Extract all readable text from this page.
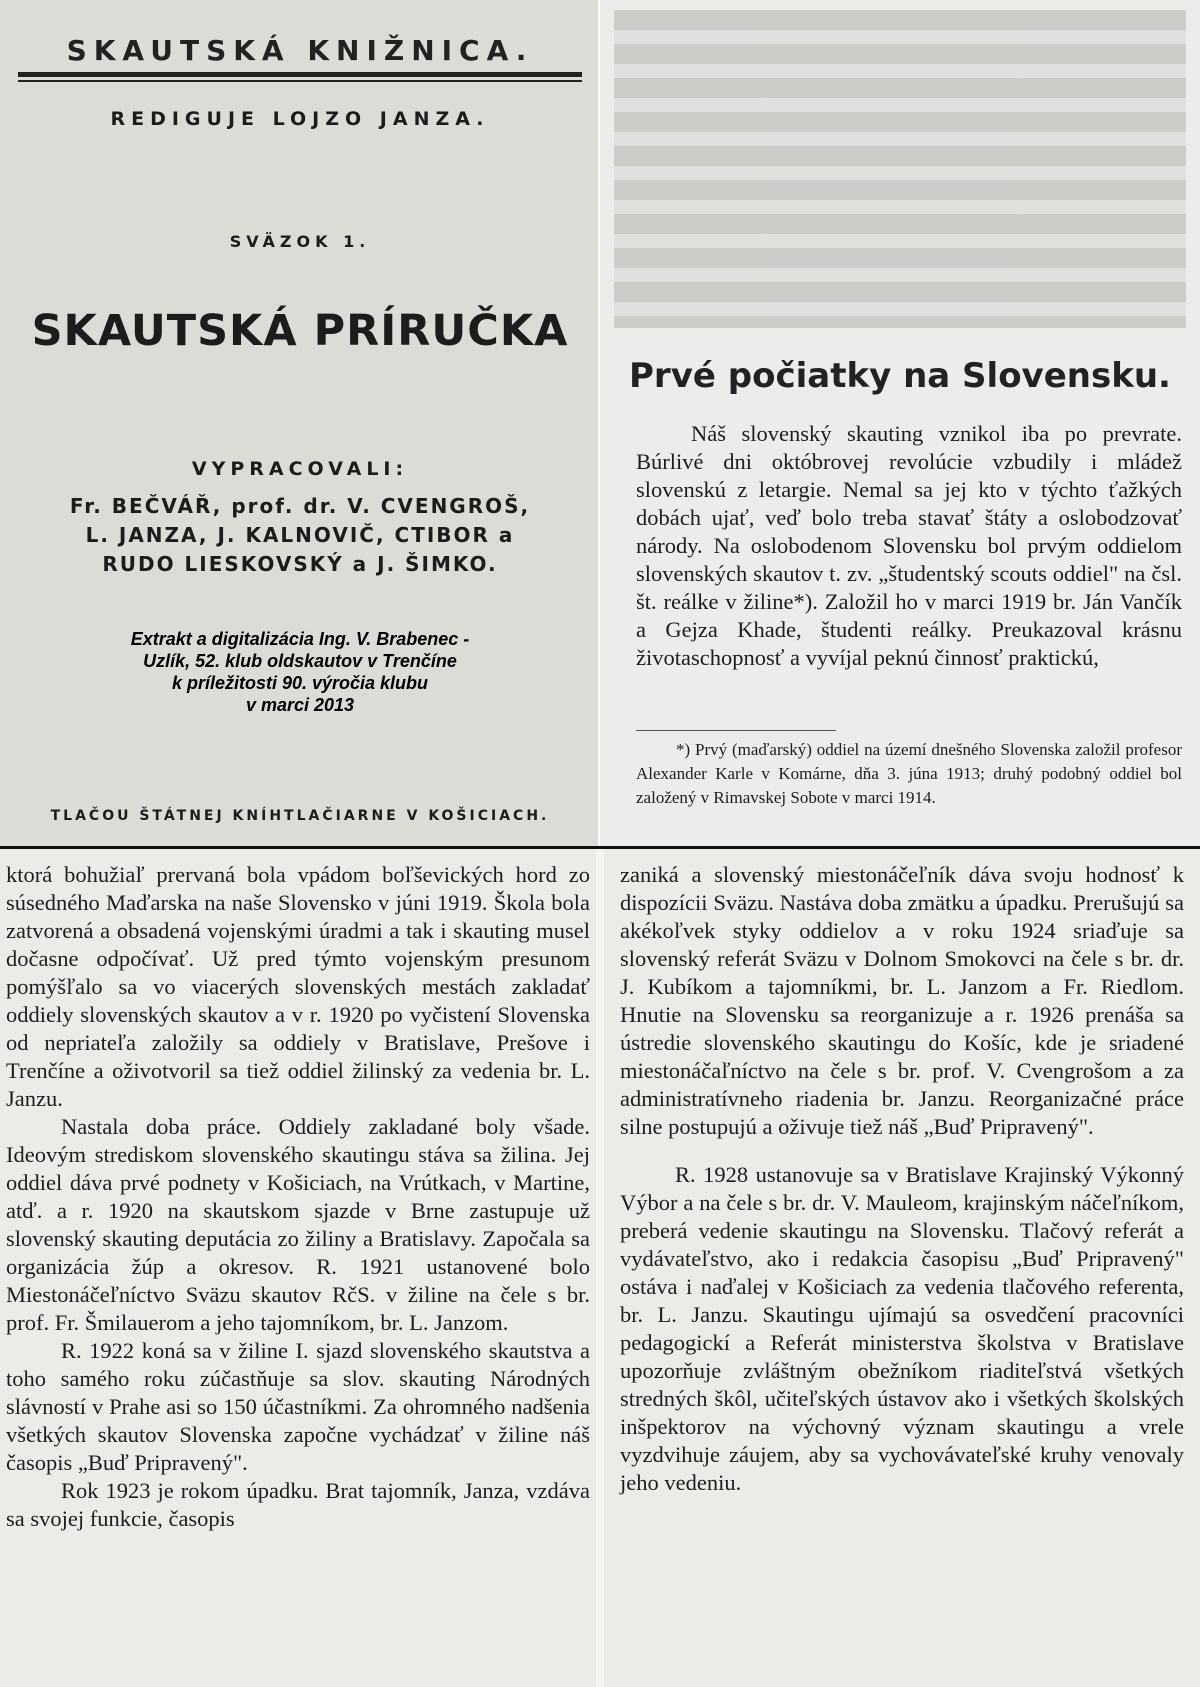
SKAUTSKÁ KNIŽNICA.
REDIGUJE LOJZO JANZA.
SVÄZOK 1.
SKAUTSKÁ PRÍRUČKA
VYPRACOVALI:
Fr. BEČVÁŘ, prof. dr. V. CVENGROŠ,
L. JANZA, J. KALNOVIČ, CTIBOR a
RUDO LIESKOVSKÝ a J. ŠIMKO.
Extrakt a digitalizácia Ing. V. Brabenec -
Uzlík, 52. klub oldskautov v Trenčíne
k príležitosti 90. výročia klubu
v marci 2013
TLAČOU ŠTÁTNEJ KNÍHTLAČIARNE V KOŠICIACH.
Prvé počiatky na Slovensku.

Náš slovenský skauting vznikol iba po prevrate. Búrlivé dni októbrovej revolúcie vzbudily i mládež slovenskú z letargie. Nemal sa jej kto v týchto ťažkých dobách ujať, veď bolo treba stavať štáty a oslobodzovať národy. Na oslobodenom Slovensku bol prvým oddielom slovenských skautov t. zv. „študentský scouts oddiel" na čsl. št. reálke v žiline*). Založil ho v marci 1919 br. Ján Vančík a Gejza Khade, študenti reálky. Preukazoval krásnu životaschopnosť a vyvíjal peknú činnosť praktickú,

*) Prvý (maďarský) oddiel na území dnešného Slovenska založil profesor Alexander Karle v Komárne, dňa 3. júna 1913; druhý podobný oddiel bol založený v Rimavskej Sobote v marci 1914.

ktorá bohužiaľ prervaná bola vpádom boľševických hord zo súsedného Maďarska na naše Slovensko v júni 1919. Škola bola zatvorená a obsadená vojenskými úradmi a tak i skauting musel dočasne odpočívať. Už pred týmto vojenským presunom pomýšľalo sa vo viacerých slovenských mestách zakladať oddiely slovenských skautov a v r. 1920 po vyčistení Slovenska od nepriateľa založily sa oddiely v Bratislave, Prešove i Trenčíne a oživotvoril sa tiež oddiel žilinský za vedenia br. L. Janzu.

Nastala doba práce. Oddiely zakladané boly všade. Ideovým strediskom slovenského skautingu stáva sa žilina. Jej oddiel dáva prvé podnety v Košiciach, na Vrútkach, v Martine, atď. a r. 1920 na skautskom sjazde v Brne zastupuje už slovenský skauting deputácia zo žiliny a Bratislavy. Započala sa organizácia žúp a okresov. R. 1921 ustanovené bolo Miestonáčeľníctvo Sväzu skautov RčS. v žiline na čele s br. prof. Fr. Šmilauerom a jeho tajomníkom, br. L. Janzom.

R. 1922 koná sa v žiline I. sjazd slovenského skautstva a toho samého roku zúčastňuje sa slov. skauting Národných slávností v Prahe asi so 150 účastníkmi. Za ohromného nadšenia všetkých skautov Slovenska započne vychádzať v žiline náš časopis „Buď Pripravený".

Rok 1923 je rokom úpadku. Brat tajomník, Janza, vzdáva sa svojej funkcie, časopis

zaniká a slovenský miestonáčeľník dáva svoju hodnosť k dispozícii Sväzu. Nastáva doba zmätku a úpadku. Prerušujú sa akékoľvek styky oddielov a v roku 1924 sriaďuje sa slovenský referát Sväzu v Dolnom Smokovci na čele s br. dr. J. Kubíkom a tajomníkmi, br. L. Janzom a Fr. Riedlom. Hnutie na Slovensku sa reorganizuje a r. 1926 prenáša sa ústredie slovenského skautingu do Košíc, kde je sriadené miestonáčaľníctvo na čele s br. prof. V. Cvengrošom a za administratívneho riadenia br. Janzu. Reorganizačné práce silne postupujú a oživuje tiež náš „Buď Pripravený".

R. 1928 ustanovuje sa v Bratislave Krajinský Výkonný Výbor a na čele s br. dr. V. Mauleom, krajinským náčeľníkom, preberá vedenie skautingu na Slovensku. Tlačový referát a vydávateľstvo, ako i redakcia časopisu „Buď Pripravený" ostáva i naďalej v Košiciach za vedenia tlačového referenta, br. L. Janzu. Skautingu ujímajú sa osvedčení pracovníci pedagogickí a Referát ministerstva školstva v Bratislave upozorňuje zvláštným obežníkom riaditeľstvá všetkých stredných škôl, učiteľských ústavov ako i všetkých školských inšpektorov na výchovný význam skautingu a vrele vyzdvihuje záujem, aby sa vychovávateľské kruhy venovaly jeho vedeniu.
